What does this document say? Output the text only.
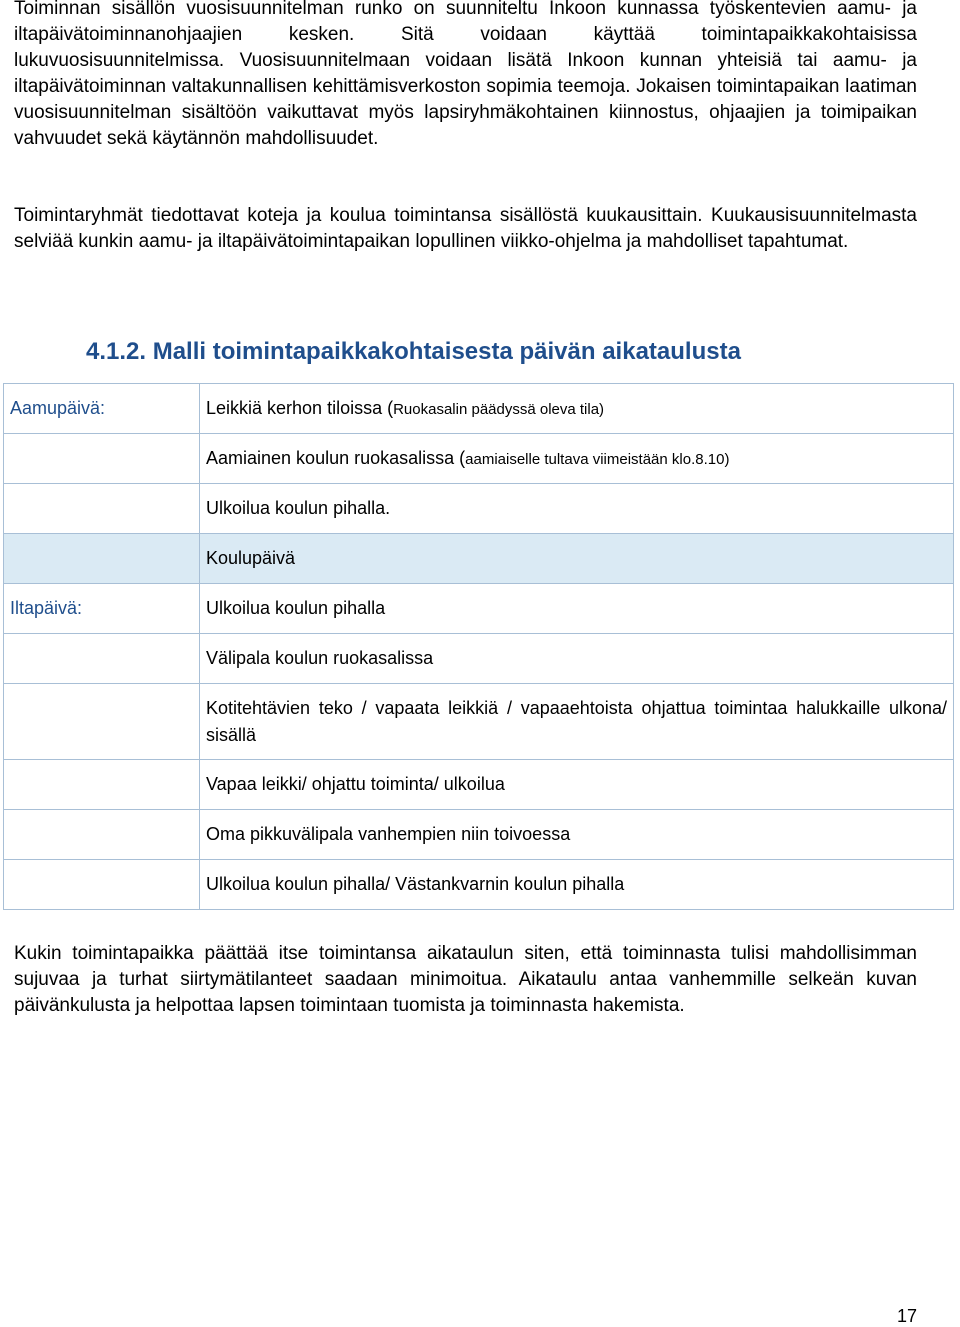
Toiminnan sisällön vuosisuunnitelman runko on suunniteltu Inkoon kunnassa työskentevien aamu- ja iltapäivätoiminnanohjaajien kesken. Sitä voidaan käyttää toimintapaikkakohtaisissa lukuvuosisuunnitelmissa. Vuosisuunnitelmaan voidaan lisätä Inkoon kunnan yhteisiä tai aamu- ja iltapäivätoiminnan valtakunnallisen kehittämisverkoston sopimia teemoja. Jokaisen toimintapaikan laatiman vuosisuunnitelman sisältöön vaikuttavat myös lapsiryhmäkohtainen kiinnostus, ohjaajien ja toimipaikan vahvuudet sekä käytännön mahdollisuudet.

Toimintaryhmät tiedottavat koteja ja koulua toimintansa sisällöstä kuukausittain. Kuukausisuunnitelmasta selviää kunkin aamu- ja iltapäivätoimintapaikan lopullinen viikko-ohjelma ja mahdolliset tapahtumat.

4.1.2. Malli toimintapaikkakohtaisesta päivän aikataulusta
Aamupäivä:	Leikkiä kerhon tiloissa (Ruokasalin päädyssä oleva tila)
	Aamiainen koulun ruokasalissa (aamiaiselle tultava viimeistään klo.8.10)
	Ulkoilua koulun pihalla.
	Koulupäivä
Iltapäivä:	Ulkoilua koulun pihalla
	Välipala koulun ruokasalissa
	Kotitehtävien teko / vapaata leikkiä / vapaaehtoista ohjattua toimintaa halukkaille ulkona/ sisällä
	Vapaa leikki/ ohjattu toiminta/ ulkoilua
	Oma pikkuvälipala vanhempien niin toivoessa
	Ulkoilua koulun pihalla/ Västankvarnin koulun pihalla

Kukin toimintapaikka päättää itse toimintansa aikataulun siten, että toiminnasta tulisi mahdollisimman sujuvaa ja turhat siirtymätilanteet saadaan minimoitua. Aikataulu antaa vanhemmille selkeän kuvan päivänkulusta ja helpottaa lapsen toimintaan tuomista ja toiminnasta hakemista.

17
